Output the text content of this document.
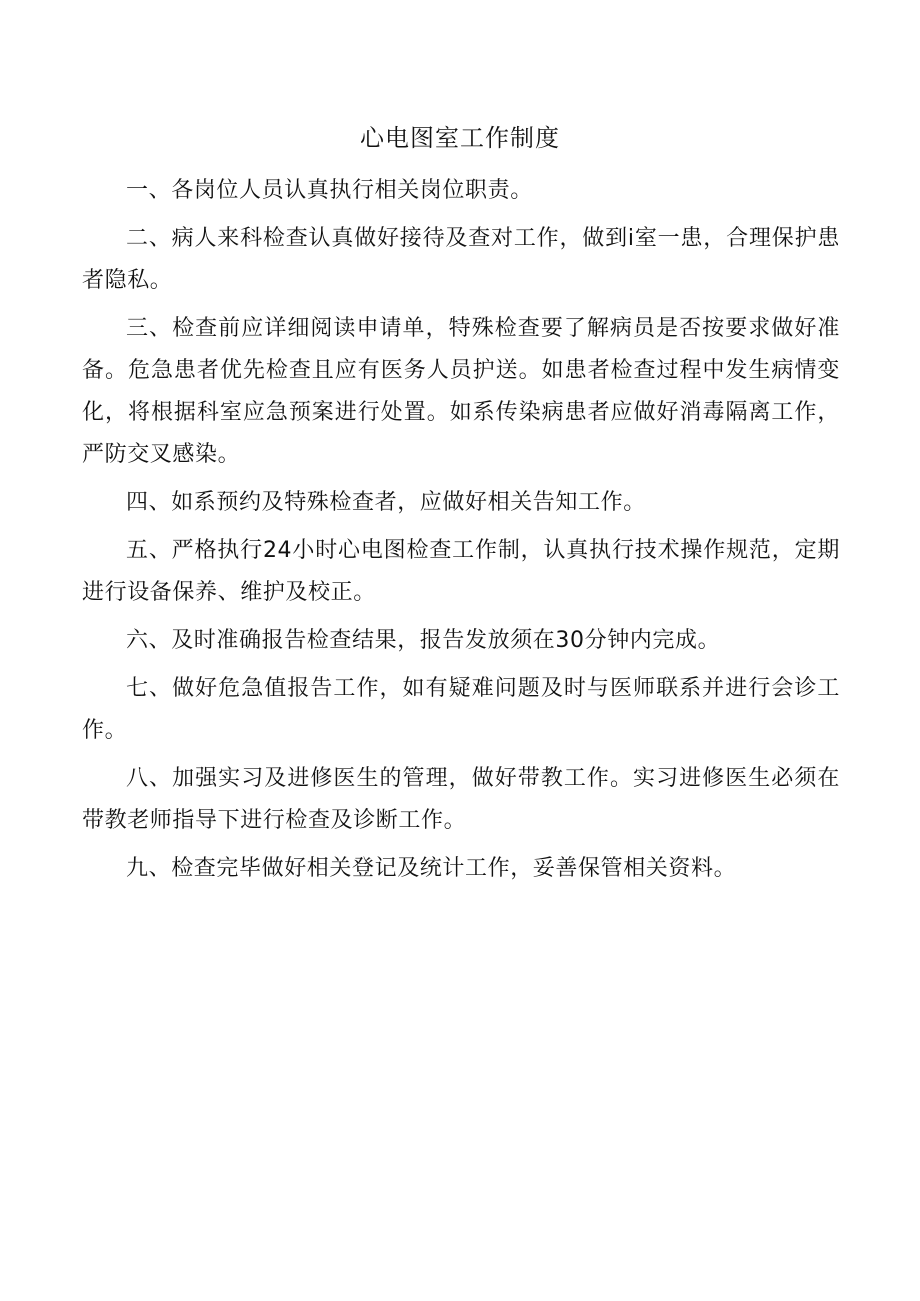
心电图室工作制度

一、各岗位人员认真执行相关岗位职责。

二、病人来科检查认真做好接待及查对工作，做到i室一患，合理保护患者隐私。

三、检查前应详细阅读申请单，特殊检查要了解病员是否按要求做好准备。危急患者优先检查且应有医务人员护送。如患者检查过程中发生病情变化，将根据科室应急预案进行处置。如系传染病患者应做好消毒隔离工作，严防交叉感染。

四、如系预约及特殊检查者，应做好相关告知工作。

五、严格执行24小时心电图检查工作制，认真执行技术操作规范，定期进行设备保养、维护及校正。

六、及时准确报告检查结果，报告发放须在30分钟内完成。

七、做好危急值报告工作，如有疑难问题及时与医师联系并进行会诊工作。

八、加强实习及进修医生的管理，做好带教工作。实习进修医生必须在带教老师指导下进行检查及诊断工作。

九、检查完毕做好相关登记及统计工作，妥善保管相关资料。
